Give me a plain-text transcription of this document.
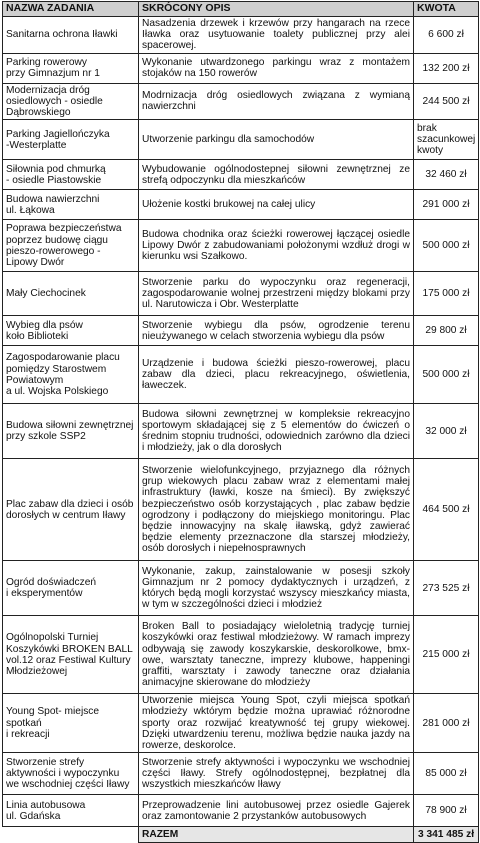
NAZWA ZADANIA	SKRÓCONY OPIS	KWOTA
Sanitarna ochrona Iławki	Nasadzenia drzewek i krzewów przy hangarach na rzece Iławka oraz usytuowanie toalety publicznej przy alei spacerowej.	6 600 zł
Parking rowerowy
przy Gimnazjum nr 1	Wykonanie utwardzonego parkingu wraz z montażem stojaków na 150 rowerów	132 200 zł
Modernizacja dróg osiedlowych - osiedle Dąbrowskiego	Modrnizacja dróg osiedlowych związana z wymianą nawierzchni	244 500 zł
Parking Jagiellończyka
-Westerplatte	Utworzenie parkingu dla samochodów	brak szacunkowej kwoty
Siłownia pod chmurką
- osiedle Piastowskie	Wybudowanie ogólnodostepnej siłowni zewnętrznej ze strefą odpoczynku dla mieszkańców	32 460 zł
Budowa nawierzchni
ul. Łąkowa	Ułożenie kostki brukowej na całej ulicy	291 000 zł
Poprawa bezpieczeństwa poprzez budowę ciągu pieszo-rowerowego - Lipowy Dwór	Budowa chodnika oraz ścieżki rowerowej łączącej osiedle Lipowy Dwór z zabudowaniami położonymi wzdłuż drogi w kierunku wsi Szałkowo.	500 000 zł
Mały Ciechocinek	Stworzenie parku do wypoczynku oraz regeneracji, zagospodarowanie wolnej przestrzeni między blokami przy ul. Narutowicza i Obr. Westerplatte	175 000 zł
Wybieg dla psów
koło Biblioteki	Stworzenie wybiegu dla psów, ogrodzenie terenu nieużywanego w celach stworzenia wybiegu dla psów	29 800 zł
Zagospodarowanie placu pomiędzy Starostwem Powiatowym
a ul. Wojska Polskiego	Urządzenie i budowa ścieżki pieszo-rowerowej, placu zabaw dla dzieci, placu rekreacyjnego, oświetlenia, ławeczek.	500 000 zł
Budowa siłowni zewnętrznej przy szkole SSP2	Budowa siłowni zewnętrznej w kompleksie rekreacyjno sportowym składającej się z 5 elementów do ćwiczeń o średnim stopniu trudności, odowiednich zarówno dla dzieci i młodzieży, jak o dla dorosłych	32 000 zł
Plac zabaw dla dzieci i osób dorosłych w centrum Iławy	Stworzenie wielofunkcyjnego, przyjaznego dla różnych grup wiekowych placu zabaw wraz z elementami małej infrastruktury (ławki, kosze na śmieci). By zwiększyć bezpieczeństwo osób korzystających , plac zabaw będzie ogrodzony i podłączony do miejskiego monitoringu. Plac będzie innowacyjny na skalę iławską, gdyż zawierać będzie elementy przeznaczone dla starszej młodzieży, osób dorosłych i niepełnosprawnych	464 500 zł
Ogród doświadczeń
i eksperymentów	Wykonanie, zakup, zainstalowanie w posesji szkoły Gimnazjum nr 2 pomocy dydaktycznych i urządzeń, z których będą mogli korzystać wszyscy mieszkańcy miasta, w tym w szczególności dzieci i młodzież	273 525 zł
Ogólnopolski Turniej Koszykówki BROKEN BALL vol.12 oraz Festiwal Kultury Młodzieżowej	Broken Ball to posiadający wieloletnią tradycję turniej koszykówki oraz festiwal młodzieżowy. W ramach imprezy odbywają się zawody koszykarskie, deskorolkowe, bmx-owe, warsztaty taneczne, imprezy klubowe, happeningi graffiti, warsztaty i zawody taneczne oraz działania animacyjne skierowane do młodzieży	215 000 zł
Young Spot- miejsce spotkań
i rekreacji	Utworzenie miejsca Young Spot, czyli miejsca spotkań młodzieży wktórym będzie można uprawiać różnorodne sporty oraz rozwijać kreatywność tej grupy wiekowej. Dzięki utwardzeniu terenu, możliwa będzie nauka jazdy na rowerze, deskorolce.	281 000 zł
Stworzenie strefy aktywności i wypoczynku we wschodniej części Iławy	Stworzenie strefy aktywności i wypoczynku we wschodniej części Iławy. Strefy ogólnodostępnej, bezpłatnej dla wszystkich mieszkańców Iławy	85 000 zł
Linia autobusowa
ul. Gdańska	Przeprowadzenie lini autobusowej przez osiedle Gajerek oraz zamontowanie 2 przystanków autobusowych	78 900 zł
	RAZEM	3 341 485 zł
